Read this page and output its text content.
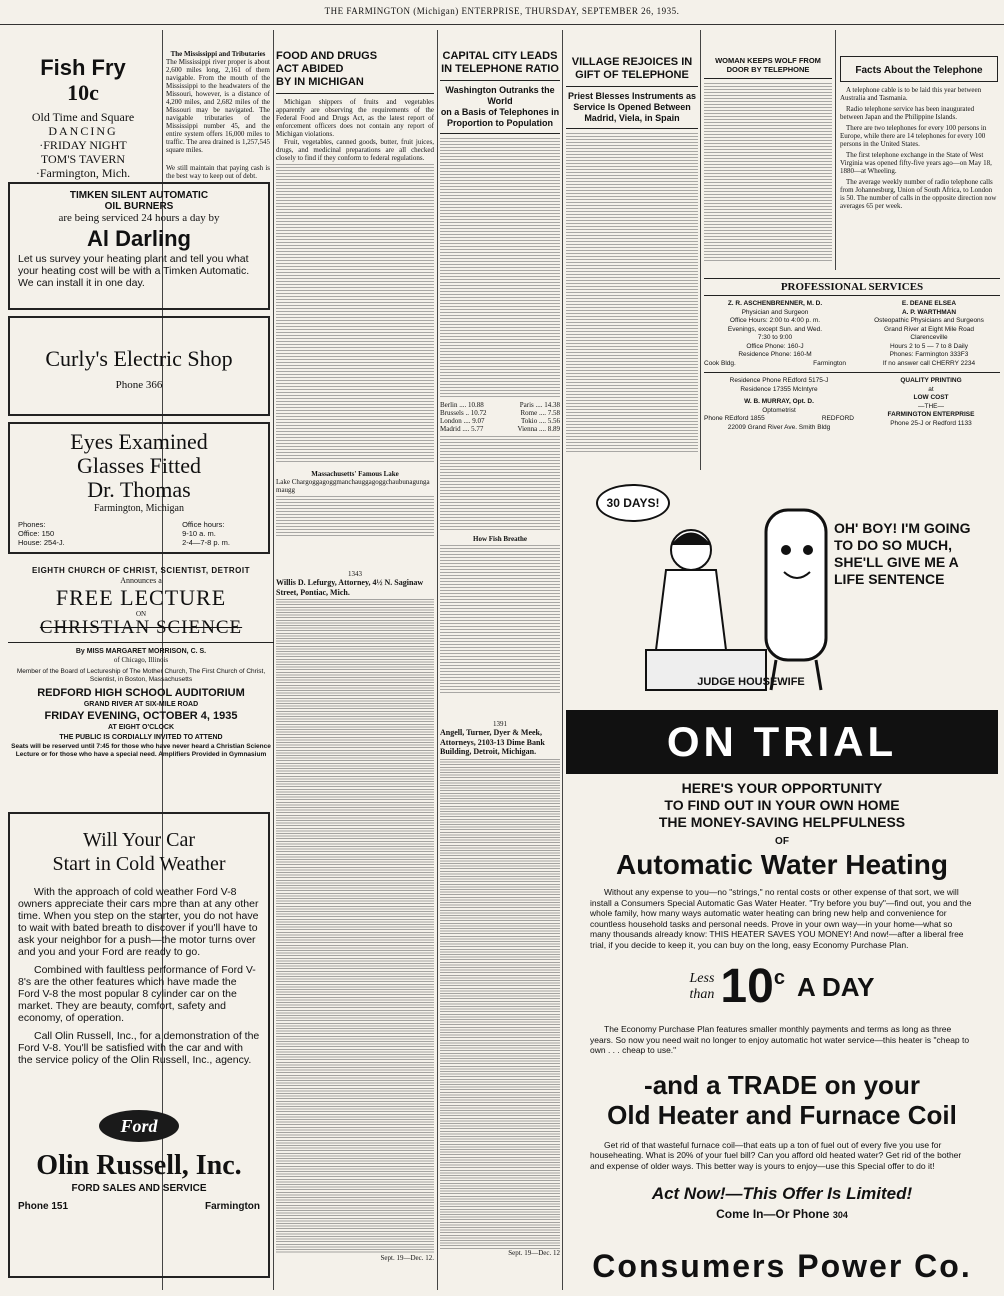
THE FARMINGTON (Michigan) ENTERPRISE, THURSDAY, SEPTEMBER 26, 1935.
Fish Fry
10c
Old Time and Square
DANCING
·FRIDAY NIGHT
TOM'S TAVERN
·Farmington, Mich.
The Mississippi and Tributaries
The Mississippi river proper is about 2,600 miles long, 2,161 of them navigable. From the mouth of the Mississippi to the headwaters of the Missouri, however, is a distance of 4,200 miles, and 2,682 miles of the Missouri may be navigated. The navigable tributaries of the Mississippi number 45, and the entire system offers 16,000 miles to traffic. The area drained is 1,257,545 square miles.
We still maintain that paying cash is the best way to keep out of debt.
TIMKEN SILENT AUTOMATIC
OIL BURNERS
are being serviced 24 hours a day by
Al Darling
Let us survey your heating plant and tell you what your heating cost will be with a Timken Automatic. We can install it in one day.
Curly's Electric Shop
Phone 366
Eyes Examined
Glasses Fitted
Dr. Thomas
Farmington, Michigan
Phones:
Office: 150
House: 254-J.
Office hours:
9-10 a. m.
2-4—7-8 p. m.
EIGHTH CHURCH OF CHRIST, SCIENTIST, DETROIT
Announces a
FREE LECTURE
ON
CHRISTIAN SCIENCE
By MISS MARGARET MORRISON, C. S.
of Chicago, Illinois
Member of the Board of Lectureship of The Mother Church, The First Church of Christ, Scientist, in Boston, Massachusetts
REDFORD HIGH SCHOOL AUDITORIUM
GRAND RIVER AT SIX-MILE ROAD
FRIDAY EVENING, OCTOBER 4, 1935
AT EIGHT O'CLOCK
THE PUBLIC IS CORDIALLY INVITED TO ATTEND
Seats will be reserved until 7:45 for those who have never heard a Christian Science Lecture or for those who have a special need. Amplifiers Provided in Gymnasium
Will Your Car
Start in Cold Weather
With the approach of cold weather Ford V-8 owners appreciate their cars more than at any other time. When you step on the starter, you do not have to wait with bated breath to discover if you'll have to ask your neighbor for a push—the motor turns over and you and your Ford are ready to go.
Combined with faultless performance of Ford V-8's are the other features which have made the Ford V-8 the most popular 8 cylinder car on the market. They are beauty, comfort, safety and economy, of operation.
Call Olin Russell, Inc., for a demonstration of the Ford V-8. You'll be satisfied with the car and with the service policy of the Olin Russell, Inc., agency.
Ford
Olin Russell, Inc.
FORD SALES AND SERVICE
Phone 151	Farmington
FOOD AND DRUGS
ACT ABIDED
BY IN MICHIGAN
Michigan shippers of fruits and vegetables apparently are observing the requirements of the Federal Food and Drugs Act, as the latest report of enforcement officers does not contain any report of Michigan violations.
Fruit, vegetables, canned goods, butter, fruit juices, drugs, and medicinal preparations are all checked closely to find if they conform to federal regulations.
Massachusetts' Famous Lake
Lake Chargoggagoggmanchauggagoggchaubunagungamaugg
1343
Willis D. Lefurgy, Attorney, 4½ N. Saginaw Street, Pontiac, Mich.
Sept. 19—Dec. 12.
CAPITAL CITY LEADS
IN TELEPHONE RATIO
Washington Outranks the World
on a Basis of Telephones in
Proportion to Population
Berlin .... 10.88	Paris .... 14.38
Brussels .. 10.72	Rome .... 7.58
London .... 9.07	Tokio .... 5.56
Madrid .... 5.77	Vienna .... 8.89
How Fish Breathe
1391
Angell, Turner, Dyer & Meek, Attorneys, 2103-13 Dime Bank Building, Detroit, Michigan.
Sept. 19—Dec. 12
VILLAGE REJOICES IN
GIFT OF TELEPHONE
Priest Blesses Instruments as
Service Is Opened Between
Madrid, Viela, in Spain
WOMAN KEEPS WOLF FROM
DOOR BY TELEPHONE	Facts About the Telephone
A telephone cable is to be laid this year between Australia and Tasmania.
Radio telephone service has been inaugurated between Japan and the Philippine Islands.
There are two telephones for every 100 persons in Europe, while there are 14 telephones for every 100 persons in the United States.
The first telephone exchange in the State of West Virginia was opened fifty-five years ago—on May 18, 1880—at Wheeling.
The average weekly number of radio telephone calls from Johannesburg, Union of South Africa, to London is 50. The number of calls in the opposite direction now averages 65 per week.
PROFESSIONAL SERVICES
Z. R. ASCHENBRENNER, M. D.
Physician and Surgeon
Office Hours: 2:00 to 4:00 p. m.
Evenings, except Sun. and Wed.
7:30 to 9:00
Office Phone: 160-J
Residence Phone: 160-M
Cook Bldg.	Farmington
E. DEANE ELSEA
A. P. WARTHMAN
Osteopathic Physicians and Surgeons
Grand River at Eight Mile Road
Clarenceville
Hours 2 to 5 — 7 to 8 Daily
Phones: Farmington 333F3
If no answer call CHERRY 2234
Residence Phone REdford 5175-J
Residence 17355 McIntyre
W. B. MURRAY, Opt. D.
Optometrist
Phone REdford 1855	REDFORD
22009 Grand River Ave. Smith Bldg
QUALITY PRINTING
at
LOW COST
—THE—
FARMINGTON ENTERPRISE
Phone 25-J or Redford 1133
30 DAYS!
JUDGE HOUSEWIFE
OH' BOY! I'M GOING TO DO SO MUCH, SHE'LL GIVE ME A LIFE SENTENCE
ON TRIAL
HERE'S YOUR OPPORTUNITY
TO FIND OUT IN YOUR OWN HOME
THE MONEY-SAVING HELPFULNESS
OF
Automatic Water Heating
Without any expense to you—no "strings," no rental costs or other expense of that sort, we will install a Consumers Special Automatic Gas Water Heater. "Try before you buy"—find out, you and the whole family, how many ways automatic water heating can bring new help and convenience for countless household tasks and personal needs. Prove in your own way—in your home—what so many thousands already know: THIS HEATER SAVES YOU MONEY! And now!—after a liberal free trial, if you decide to keep it, you can buy on the long, easy Economy Purchase Plan.
Less
than 10 c A DAY
The Economy Purchase Plan features smaller monthly payments and terms as long as three years. So now you need wait no longer to enjoy automatic hot water service—this heater is "cheap to own . . . cheap to use."
-and a TRADE on your
Old Heater and Furnace Coil
Get rid of that wasteful furnace coil—that eats up a ton of fuel out of every five you use for househeating. What is 20% of your fuel bill? Can you afford old heated water? Get rid of the bother and expense of older ways. This better way is yours to enjoy—use this Special offer to do it!
Act Now!—This Offer Is Limited!
Come In—Or Phone 304
Consumers Power Co.
